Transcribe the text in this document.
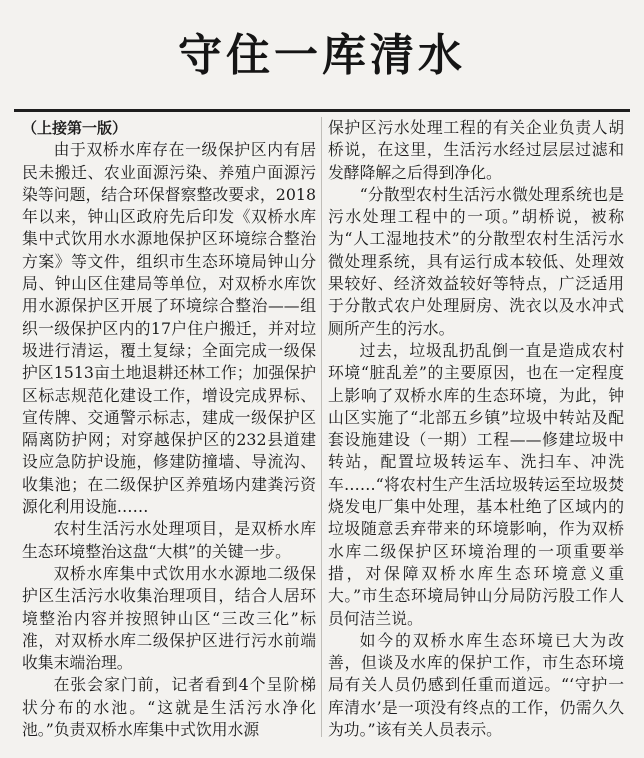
守住一库清水

（上接第一版）

由于双桥水库存在一级保护区内有居民未搬迁、农业面源污染、养殖户面源污染等问题，结合环保督察整改要求，2018年以来，钟山区政府先后印发《双桥水库集中式饮用水水源地保护区环境综合整治方案》等文件，组织市生态环境局钟山分局、钟山区住建局等单位，对双桥水库饮用水源保护区开展了环境综合整治——组织一级保护区内的17户住户搬迁，并对垃圾进行清运，覆土复绿；全面完成一级保护区1513亩土地退耕还林工作；加强保护区标志规范化建设工作，增设完成界标、宣传牌、交通警示标志，建成一级保护区隔离防护网；对穿越保护区的232县道建设应急防护设施，修建防撞墙、导流沟、收集池；在二级保护区养殖场内建粪污资源化利用设施……

农村生活污水处理项目，是双桥水库生态环境整治这盘“大棋”的关键一步。

双桥水库集中式饮用水水源地二级保护区生活污水收集治理项目，结合人居环境整治内容并按照钟山区“三改三化”标准，对双桥水库二级保护区进行污水前端收集末端治理。

在张会家门前，记者看到4个呈阶梯状分布的水池。“这就是生活污水净化池。”负责双桥水库集中式饮用水源

保护区污水处理工程的有关企业负责人胡桥说，在这里，生活污水经过层层过滤和发酵降解之后得到净化。

“分散型农村生活污水微处理系统也是污水处理工程中的一项。”胡桥说，被称为“人工湿地技术”的分散型农村生活污水微处理系统，具有运行成本较低、处理效果较好、经济效益较好等特点，广泛适用于分散式农户处理厨房、洗衣以及水冲式厕所产生的污水。

过去，垃圾乱扔乱倒一直是造成农村环境“脏乱差”的主要原因，也在一定程度上影响了双桥水库的生态环境，为此，钟山区实施了“北部五乡镇”垃圾中转站及配套设施建设（一期）工程——修建垃圾中转站，配置垃圾转运车、洗扫车、冲洗车……“将农村生产生活垃圾转运至垃圾焚烧发电厂集中处理，基本杜绝了区域内的垃圾随意丢弃带来的环境影响，作为双桥水库二级保护区环境治理的一项重要举措，对保障双桥水库生态环境意义重大。”市生态环境局钟山分局防污股工作人员何洁兰说。

如今的双桥水库生态环境已大为改善，但谈及水库的保护工作，市生态环境局有关人员仍感到任重而道远。“‘守护一库清水’是一项没有终点的工作，仍需久久为功。”该有关人员表示。
